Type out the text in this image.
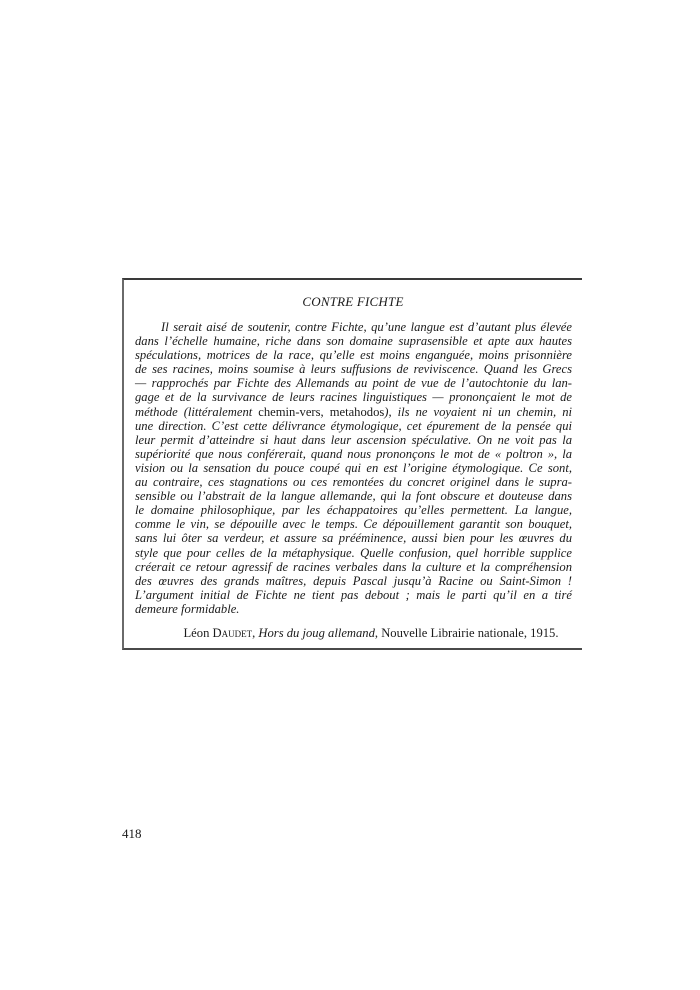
CONTRE FICHTE
Il serait aisé de soutenir, contre Fichte, qu’une langue est d’autant plus élevée
dans l’échelle humaine, riche dans son domaine suprasensible et apte aux hautes
spéculations, motrices de la race, qu’elle est moins enganguée, moins prisonnière
de ses racines, moins soumise à leurs suffusions de reviviscence. Quand les Grecs
— rapprochés par Fichte des Allemands au point de vue de l’autochtonie du lan-
gage et de la survivance de leurs racines linguistiques — prononçaient le mot de
méthode (littéralement chemin-vers, metahodos), ils ne voyaient ni un chemin, ni
une direction. C’est cette délivrance étymologique, cet épurement de la pensée qui
leur permit d’atteindre si haut dans leur ascension spéculative. On ne voit pas la
supériorité que nous conférerait, quand nous prononçons le mot de « poltron », la
vision ou la sensation du pouce coupé qui en est l’origine étymologique. Ce sont,
au contraire, ces stagnations ou ces remontées du concret originel dans le supra-
sensible ou l’abstrait de la langue allemande, qui la font obscure et douteuse dans
le domaine philosophique, par les échappatoires qu’elles permettent. La langue,
comme le vin, se dépouille avec le temps. Ce dépouillement garantit son bouquet,
sans lui ôter sa verdeur, et assure sa prééminence, aussi bien pour les œuvres du
style que pour celles de la métaphysique. Quelle confusion, quel horrible supplice
créerait ce retour agressif de racines verbales dans la culture et la compréhension
des œuvres des grands maîtres, depuis Pascal jusqu’à Racine ou Saint-Simon !
L’argument initial de Fichte ne tient pas debout ; mais le parti qu’il en a tiré
demeure formidable.
Léon Daudet, Hors du joug allemand, Nouvelle Librairie nationale, 1915.
418
